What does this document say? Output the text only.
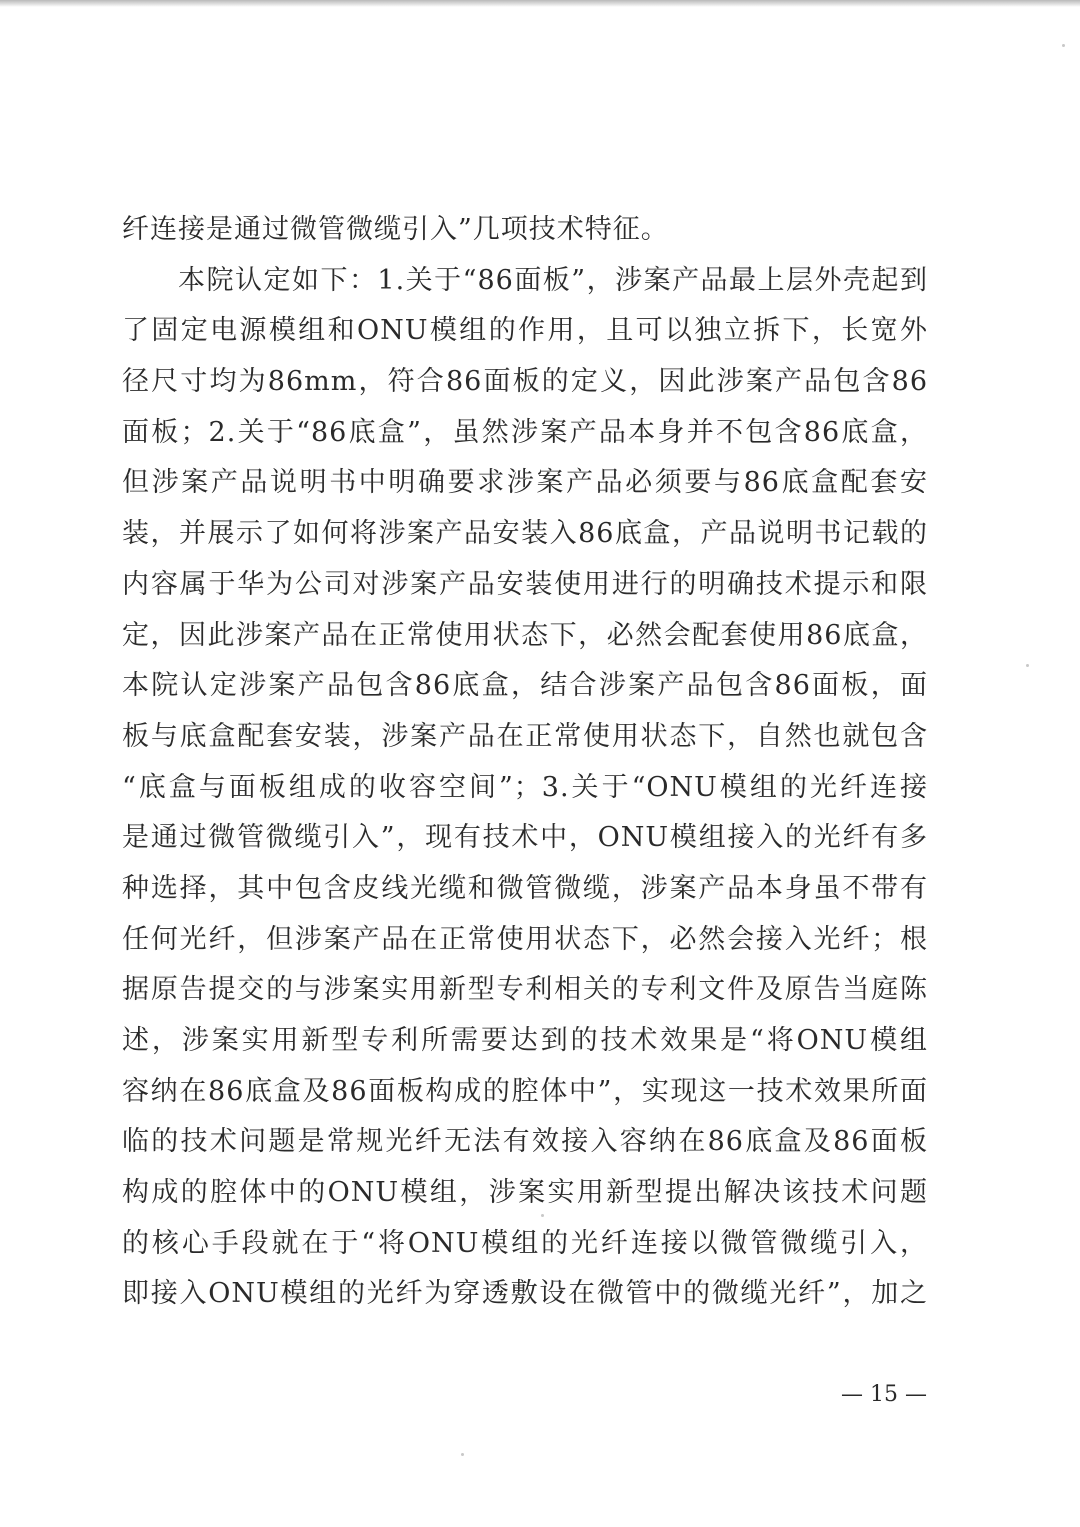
纤连接是通过微管微缆引入”几项技术特征。
本院认定如下：1.关于“86面板”，涉案产品最上层外壳起到
了固定电源模组和ONU模组的作用，且可以独立拆下，长宽外
径尺寸均为86mm，符合86面板的定义，因此涉案产品包含86
面板；2.关于“86底盒”，虽然涉案产品本身并不包含86底盒，
但涉案产品说明书中明确要求涉案产品必须要与86底盒配套安
装，并展示了如何将涉案产品安装入86底盒，产品说明书记载的
内容属于华为公司对涉案产品安装使用进行的明确技术提示和限
定，因此涉案产品在正常使用状态下，必然会配套使用86底盒，
本院认定涉案产品包含86底盒，结合涉案产品包含86面板，面
板与底盒配套安装，涉案产品在正常使用状态下，自然也就包含
“底盒与面板组成的收容空间”；3.关于“ONU模组的光纤连接
是通过微管微缆引入”，现有技术中，ONU模组接入的光纤有多
种选择，其中包含皮线光缆和微管微缆，涉案产品本身虽不带有
任何光纤，但涉案产品在正常使用状态下，必然会接入光纤；根
据原告提交的与涉案实用新型专利相关的专利文件及原告当庭陈
述，涉案实用新型专利所需要达到的技术效果是“将ONU模组
容纳在86底盒及86面板构成的腔体中”，实现这一技术效果所面
临的技术问题是常规光纤无法有效接入容纳在86底盒及86面板
构成的腔体中的ONU模组，涉案实用新型提出解决该技术问题
的核心手段就在于“将ONU模组的光纤连接以微管微缆引入，
即接入ONU模组的光纤为穿透敷设在微管中的微缆光纤”，加之
— 15 —
